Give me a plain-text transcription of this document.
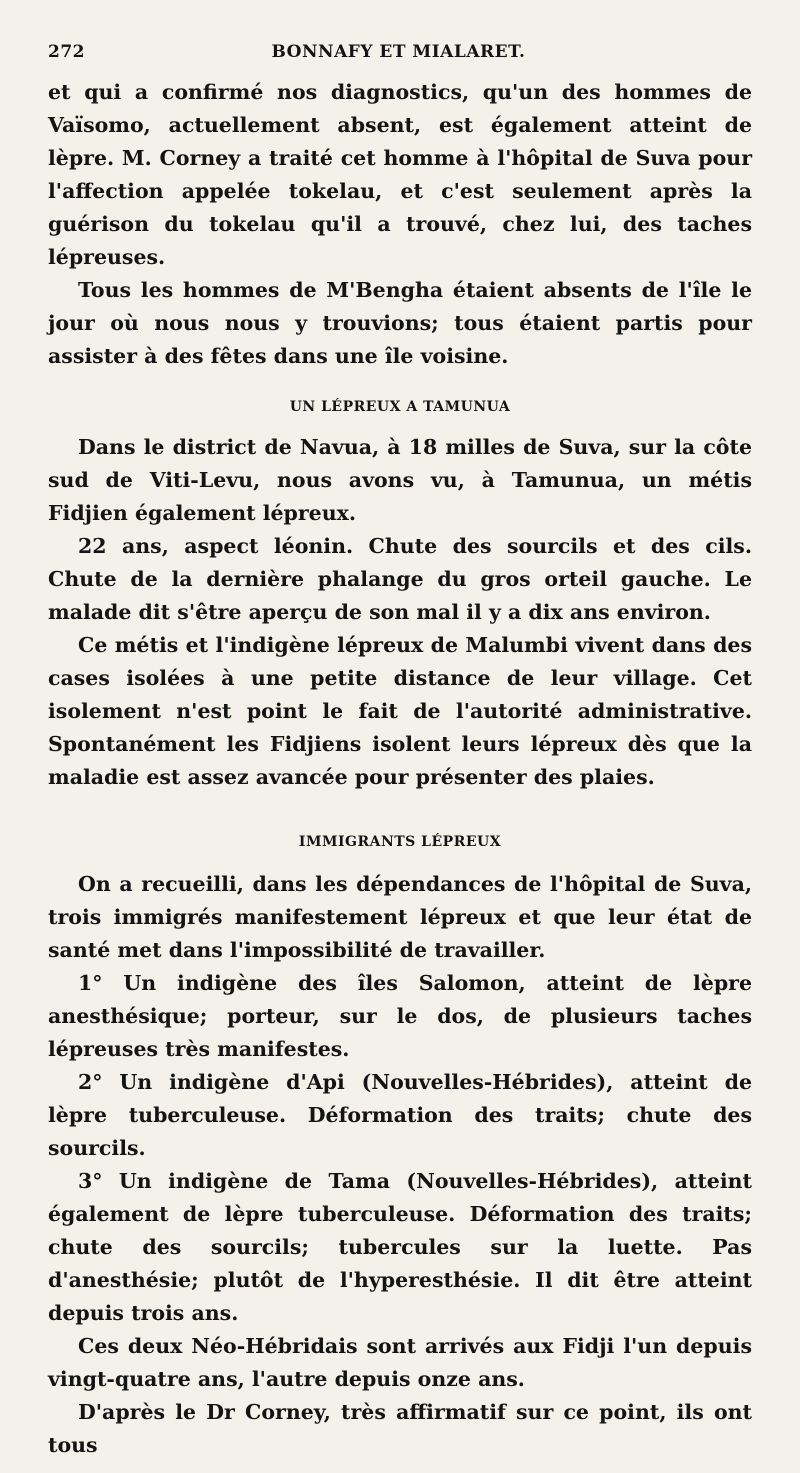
272	BONNAFY ET MIALARET.

et qui a confirmé nos diagnostics, qu'un des hommes de Vaïsomo, actuellement absent, est également atteint de lèpre. M. Corney a traité cet homme à l'hôpital de Suva pour l'affection appelée tokelau, et c'est seulement après la guérison du tokelau qu'il a trouvé, chez lui, des taches lépreuses.

Tous les hommes de M'Bengha étaient absents de l'île le jour où nous nous y trouvions; tous étaient partis pour assister à des fêtes dans une île voisine.

UN LÉPREUX A TAMUNUA

Dans le district de Navua, à 18 milles de Suva, sur la côte sud de Viti-Levu, nous avons vu, à Tamunua, un métis Fidjien également lépreux.

22 ans, aspect léonin. Chute des sourcils et des cils. Chute de la dernière phalange du gros orteil gauche. Le malade dit s'être aperçu de son mal il y a dix ans environ.

Ce métis et l'indigène lépreux de Malumbi vivent dans des cases isolées à une petite distance de leur village. Cet isolement n'est point le fait de l'autorité administrative. Spontanément les Fidjiens isolent leurs lépreux dès que la maladie est assez avancée pour présenter des plaies.

IMMIGRANTS LÉPREUX

On a recueilli, dans les dépendances de l'hôpital de Suva, trois immigrés manifestement lépreux et que leur état de santé met dans l'impossibilité de travailler.

1° Un indigène des îles Salomon, atteint de lèpre anesthésique; porteur, sur le dos, de plusieurs taches lépreuses très manifestes.

2° Un indigène d'Api (Nouvelles-Hébrides), atteint de lèpre tuberculeuse. Déformation des traits; chute des sourcils.

3° Un indigène de Tama (Nouvelles-Hébrides), atteint également de lèpre tuberculeuse. Déformation des traits; chute des sourcils; tubercules sur la luette. Pas d'anesthésie; plutôt de l'hyperesthésie. Il dit être atteint depuis trois ans.

Ces deux Néo-Hébridais sont arrivés aux Fidji l'un depuis vingt-quatre ans, l'autre depuis onze ans.

D'après le Dr Corney, très affirmatif sur ce point, ils ont tous
